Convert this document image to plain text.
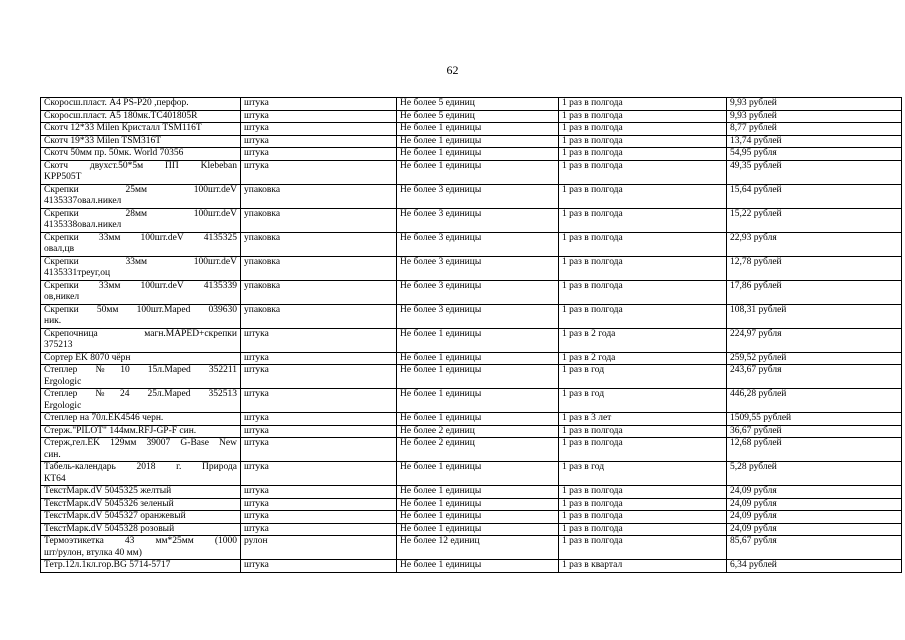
62
Скоросш.пласт. А4 PS-P20 ,перфор.	штука	Не более 5 единиц	1 раз в полгода	9,93 рублей

Скоросш.пласт. А5 180мк.ТС401805R	штука	Не более 5 единиц	1 раз в полгода	9,93 рублей

Скотч 12*33 Milen Кристалл TSM116T	штука	Не более 1 единицы	1 раз в полгода	8,77 рублей

Скотч 19*33 Milen TSM316T	штука	Не более 1 единицы	1 раз в полгода	13,74 рублей

Скотч 50мм пр. 50мк. World 70356	штука	Не более 1 единицы	1 раз в полгода	54,95 рубля

Скотч двухст.50*5м ПП Klebeban
KPP505T	штука	Не более 1 единицы	1 раз в полгода	49,35 рублей

Скрепки 25мм 100шт.deV
4135337овал.никел	упаковка	Не более 3 единицы	1 раз в полгода	15,64 рублей

Скрепки 28мм 100шт.deV
4135338овал.никел	упаковка	Не более 3 единицы	1 раз в полгода	15,22 рублей

Скрепки 33мм 100шт.deV 4135325
овал,цв	упаковка	Не более 3 единицы	1 раз в полгода	22,93 рубля

Скрепки 33мм 100шт.deV
4135331треуг,оц	упаковка	Не более 3 единицы	1 раз в полгода	12,78 рублей

Скрепки 33мм 100шт.deV 4135339
ов,никел	упаковка	Не более 3 единицы	1 раз в полгода	17,86 рублей

Скрепки 50мм 100шт.Maped 039630
ник.	упаковка	Не более 3 единицы	1 раз в полгода	108,31 рублей

Скрепочница магн.MAPED+скрепки
375213	штука	Не более 1 единицы	1 раз в 2 года	224,97 рубля

Сортер EK 8070 чёрн	штука	Не более 1 единицы	1 раз в 2 года	259,52 рублей

Степлер №10 15л.Maped 352211
Ergologic	штука	Не более 1 единицы	1 раз в год	243,67 рубля

Степлер №24 25л.Maped 352513
Ergologic	штука	Не более 1 единицы	1 раз в год	446,28 рублей

Степлер на 70л.EK4546 черн.	штука	Не более 1 единицы	1 раз в 3 лет	1509,55 рублей

Стерж."PILOT" 144мм.RFJ-GP-F син.	штука	Не более 2 единиц	1 раз в полгода	36,67 рублей

Стерж,гел.EK 129мм 39007 G-Base New
син.	штука	Не более 2 единиц	1 раз в полгода	12,68 рублей

Табель-календарь 2018 г. Природа
КТ64	штука	Не более 1 единицы	1 раз в год	5,28 рублей

ТекстМарк.dV 5045325 желтый	штука	Не более 1 единицы	1 раз в полгода	24,09 рубля

ТекстМарк.dV 5045326 зеленый	штука	Не более 1 единицы	1 раз в полгода	24,09 рубля

ТекстМарк.dV 5045327 оранжевый	штука	Не более 1 единицы	1 раз в полгода	24,09 рубля

ТекстМарк.dV 5045328 розовый	штука	Не более 1 единицы	1 раз в полгода	24,09 рубля

Термоэтикетка 43 мм*25мм (1000
шт/рулон, втулка 40 мм)	рулон	Не более 12 единиц	1 раз в полгода	85,67 рубля

Тетр.12л.1кл.гор.BG 5714-5717	штука	Не более 1 единицы	1 раз в квартал	6,34 рублей
